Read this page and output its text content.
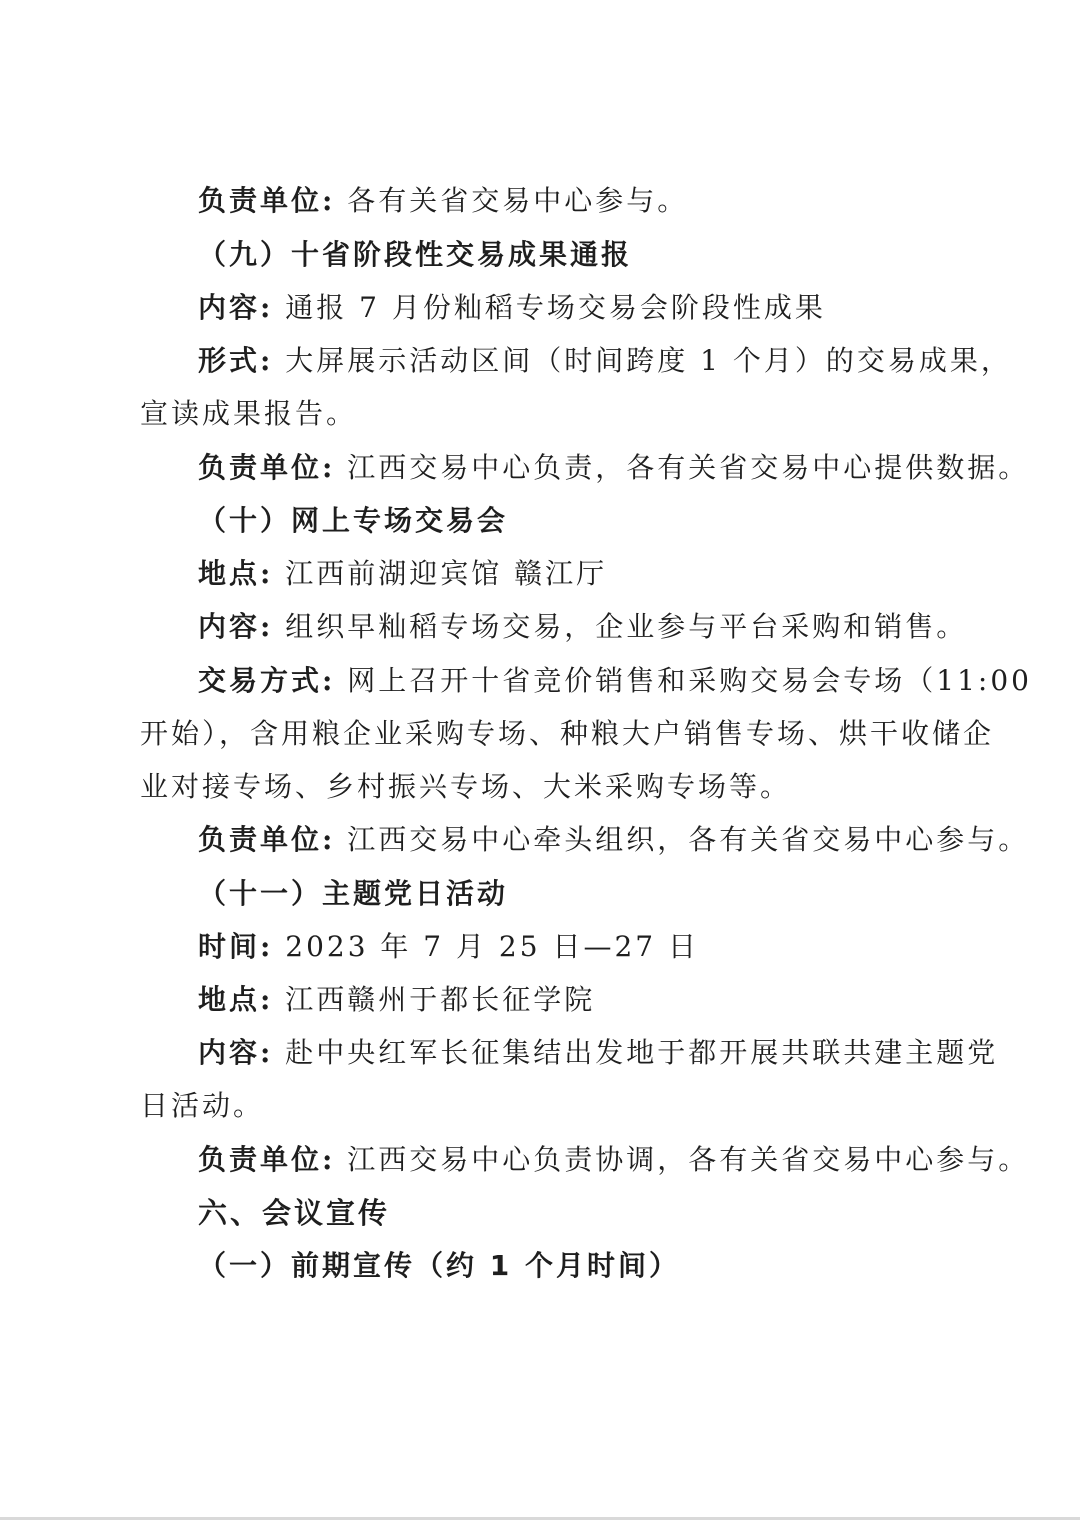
负责单位: 各有关省交易中心参与。
（九）十省阶段性交易成果通报
内容: 通报 7 月份籼稻专场交易会阶段性成果
形式: 大屏展示活动区间（时间跨度 1 个月）的交易成果，
宣读成果报告。
负责单位: 江西交易中心负责，各有关省交易中心提供数据。
（十）网上专场交易会
地点: 江西前湖迎宾馆 赣江厅
内容: 组织早籼稻专场交易，企业参与平台采购和销售。
交易方式: 网上召开十省竞价销售和采购交易会专场（11:00
开始），含用粮企业采购专场、种粮大户销售专场、烘干收储企
业对接专场、乡村振兴专场、大米采购专场等。
负责单位: 江西交易中心牵头组织，各有关省交易中心参与。
（十一）主题党日活动
时间: 2023 年 7 月 25 日—27 日
地点: 江西赣州于都长征学院
内容: 赴中央红军长征集结出发地于都开展共联共建主题党
日活动。
负责单位: 江西交易中心负责协调，各有关省交易中心参与。
六、会议宣传
（一）前期宣传（约 1 个月时间）
